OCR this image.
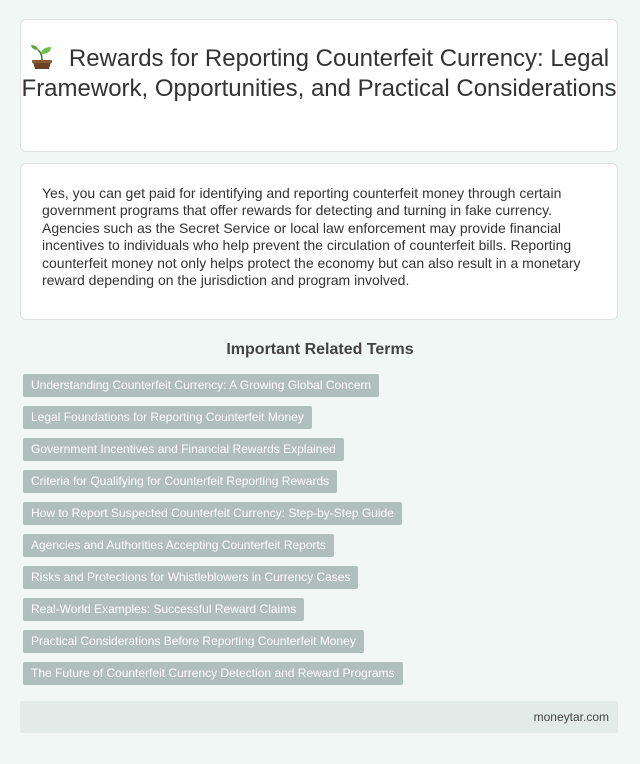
Rewards for Reporting Counterfeit Currency: Legal Framework, Opportunities, and Practical Considerations

Yes, you can get paid for identifying and reporting counterfeit money through certain government programs that offer rewards for detecting and turning in fake currency. Agencies such as the Secret Service or local law enforcement may provide financial incentives to individuals who help prevent the circulation of counterfeit bills. Reporting counterfeit money not only helps protect the economy but can also result in a monetary reward depending on the jurisdiction and program involved.

Important Related Terms
Understanding Counterfeit Currency: A Growing Global Concern
Legal Foundations for Reporting Counterfeit Money
Government Incentives and Financial Rewards Explained
Criteria for Qualifying for Counterfeit Reporting Rewards
How to Report Suspected Counterfeit Currency: Step-by-Step Guide
Agencies and Authorities Accepting Counterfeit Reports
Risks and Protections for Whistleblowers in Currency Cases
Real-World Examples: Successful Reward Claims
Practical Considerations Before Reporting Counterfeit Money
The Future of Counterfeit Currency Detection and Reward Programs
moneytar.com
